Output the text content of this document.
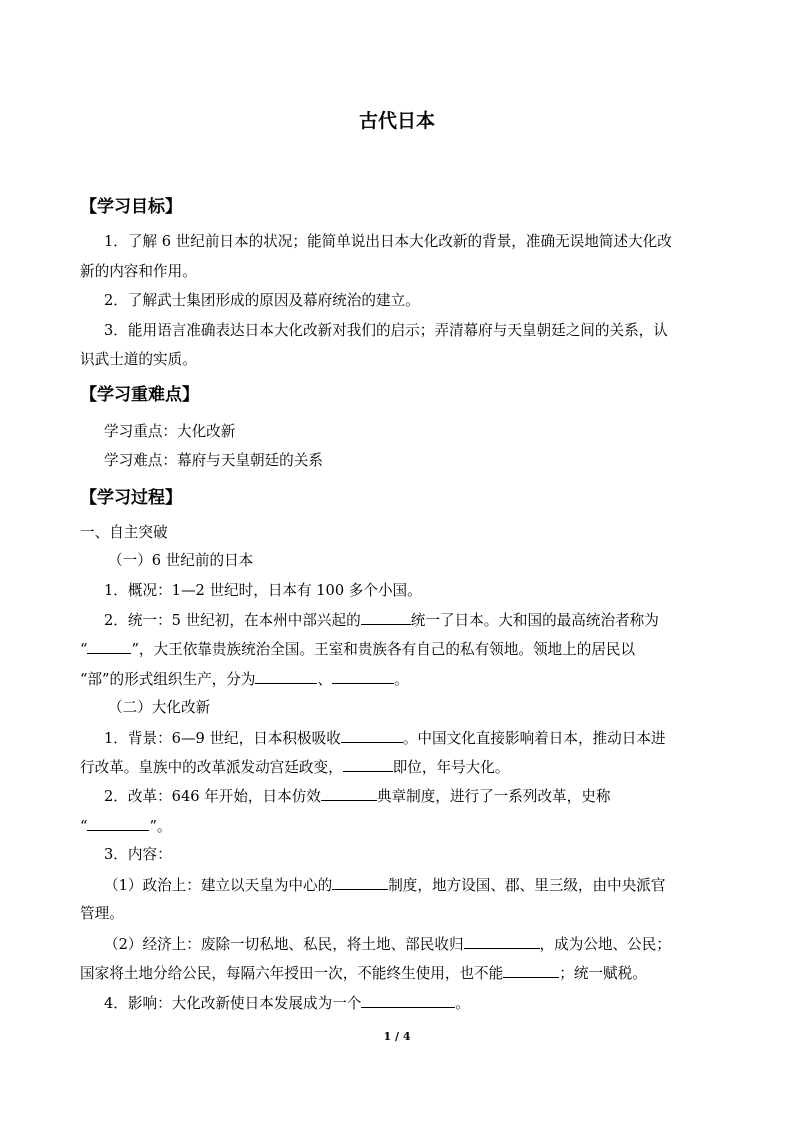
古代日本
【学习目标】
1．了解 6 世纪前日本的状况；能简单说出日本大化改新的背景，准确无误地简述大化改
新的内容和作用。
2．了解武士集团形成的原因及幕府统治的建立。
3．能用语言准确表达日本大化改新对我们的启示；弄清幕府与天皇朝廷之间的关系，认
识武士道的实质。
【学习重难点】
学习重点：大化改新
学习难点：幕府与天皇朝廷的关系
【学习过程】
一、自主突破
（一）6 世纪前的日本
1．概况：1—2 世纪时，日本有 100 多个小国。
2．统一：5 世纪初，在本州中部兴起的	统一了日本。大和国的最高统治者称为
“	”，大王依靠贵族统治全国。王室和贵族各有自己的私有领地。领地上的居民以
“部”的形式组织生产，分为	、	。
（二）大化改新
1．背景：6—9 世纪，日本积极吸收	。中国文化直接影响着日本，推动日本进
行改革。皇族中的改革派发动宫廷政变，	即位，年号大化。
2．改革：646 年开始，日本仿效	典章制度，进行了一系列改革，史称
“	”。
3．内容：
（1）政治上：建立以天皇为中心的	制度，地方设国、郡、里三级，由中央派官
管理。
（2）经济上：废除一切私地、私民，将土地、部民收归	，成为公地、公民；
国家将土地分给公民，每隔六年授田一次，不能终生使用，也不能	；统一赋税。
4．影响：大化改新使日本发展成为一个	。
1 / 4
